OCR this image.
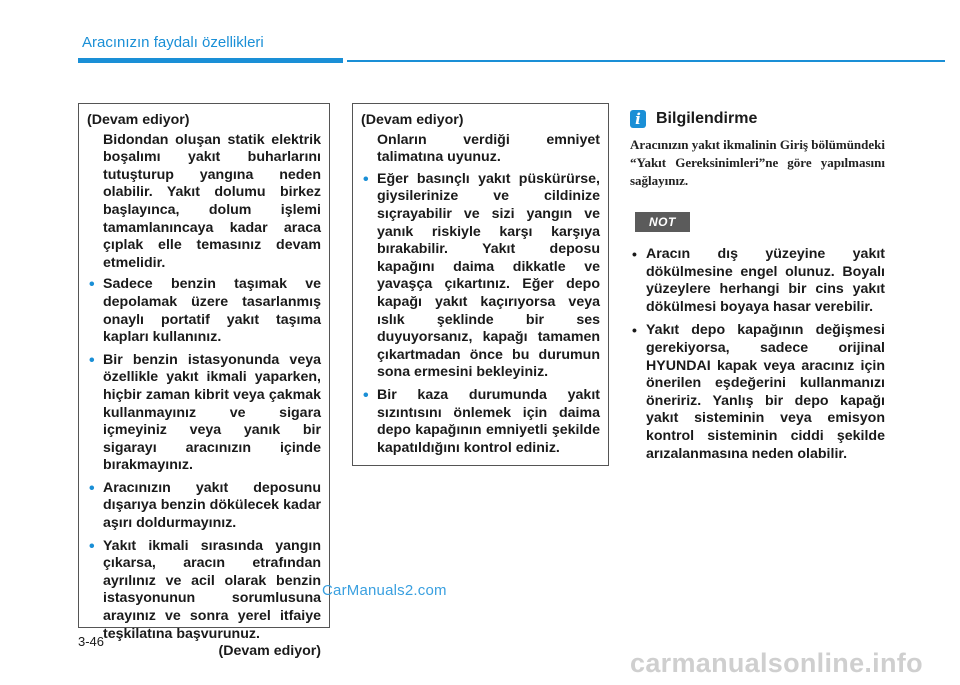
Aracınızın faydalı özellikleri

(Devam ediyor)

Bidondan oluşan statik elektrik boşalımı yakıt buharlarını tutuşturup yangına neden olabilir. Yakıt dolumu birkez başlayınca, dolum işlemi tamamlanıncaya kadar araca çıplak elle temasınız devam etmelidir.

• Sadece benzin taşımak ve depolamak üzere tasarlanmış onaylı portatif yakıt taşıma kapları kullanınız.
• Bir benzin istasyonunda veya özellikle yakıt ikmali yaparken, hiçbir zaman kibrit veya çakmak kullanmayınız ve sigara içmeyiniz veya yanık bir sigarayı aracınızın içinde bırakmayınız.
• Aracınızın yakıt deposunu dışarıya benzin dökülecek kadar aşırı doldurmayınız.
• Yakıt ikmali sırasında yangın çıkarsa, aracın etrafından ayrılınız ve acil olarak benzin istasyonunun sorumlusuna arayınız ve sonra yerel itfaiye teşkilatına başvurunuz.

(Devam ediyor)

(Devam ediyor)

Onların verdiği emniyet talimatına uyunuz.

• Eğer basınçlı yakıt püskürürse, giysilerinize ve cildinize sıçrayabilir ve sizi yangın ve yanık riskiyle karşı karşıya bırakabilir. Yakıt deposu kapağını daima dikkatle ve yavaşça çıkartınız. Eğer depo kapağı yakıt kaçırıyorsa veya ıslık şeklinde bir ses duyuyorsanız, kapağı tamamen çıkartmadan önce bu durumun sona ermesini bekleyiniz.
• Bir kaza durumunda yakıt sızıntısını önlemek için daima depo kapağının emniyetli şekilde kapatıldığını kontrol ediniz.
i Bilgilendirme

Aracınızın yakıt ikmalinin Giriş bölümündeki “Yakıt Gereksinimleri”ne göre yapılmasını sağlayınız.

NOT
• Aracın dış yüzeyine yakıt dökülmesine engel olunuz. Boyalı yüzeylere herhangi bir cins yakıt dökülmesi boyaya hasar verebilir.
• Yakıt depo kapağının değişmesi gerekiyorsa, sadece orijinal HYUNDAI kapak veya aracınız için önerilen eşdeğerini kullanmanızı öneririz. Yanlış bir depo kapağı yakıt sisteminin veya emisyon kontrol sisteminin ciddi şekilde arızalanmasına neden olabilir.
3-46
CarManuals2.com
carmanualsonline.info
